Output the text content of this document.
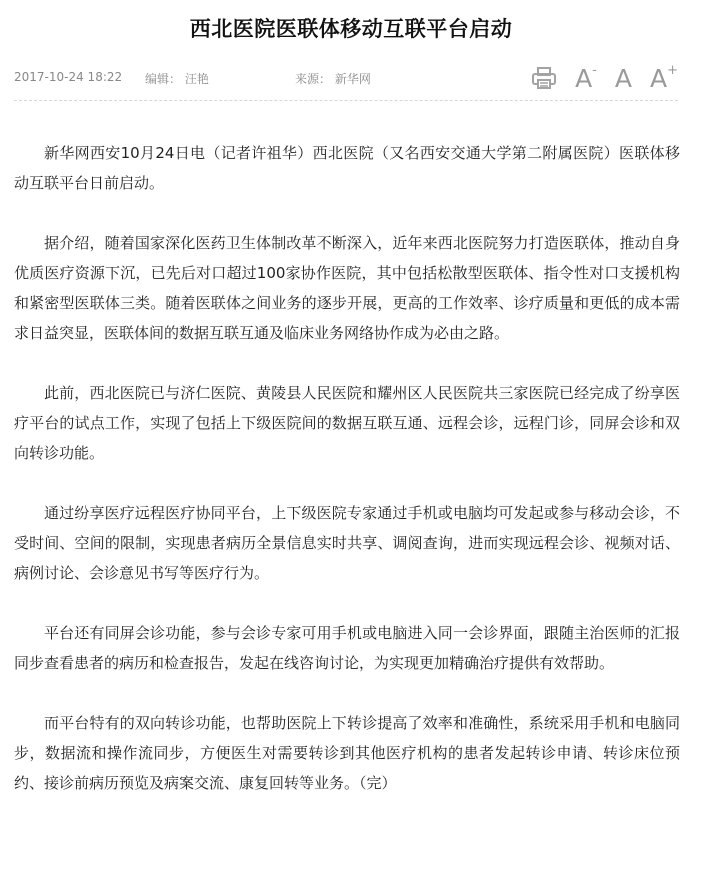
西北医院医联体移动互联平台启动
2017-10-24 18:22 编辑： 汪艳	来源： 新华网	A- A A+

新华网西安10月24日电（记者许祖华）西北医院（又名西安交通大学第二附属医院）医联体移动互联平台日前启动。

据介绍，随着国家深化医药卫生体制改革不断深入，近年来西北医院努力打造医联体，推动自身优质医疗资源下沉，已先后对口超过100家协作医院，其中包括松散型医联体、指令性对口支援机构和紧密型医联体三类。随着医联体之间业务的逐步开展，更高的工作效率、诊疗质量和更低的成本需求日益突显，医联体间的数据互联互通及临床业务网络协作成为必由之路。

此前，西北医院已与济仁医院、黄陵县人民医院和耀州区人民医院共三家医院已经完成了纷享医疗平台的试点工作，实现了包括上下级医院间的数据互联互通、远程会诊，远程门诊，同屏会诊和双向转诊功能。

通过纷享医疗远程医疗协同平台，上下级医院专家通过手机或电脑均可发起或参与移动会诊，不受时间、空间的限制，实现患者病历全景信息实时共享、调阅查询，进而实现远程会诊、视频对话、病例讨论、会诊意见书写等医疗行为。

平台还有同屏会诊功能，参与会诊专家可用手机或电脑进入同一会诊界面，跟随主治医师的汇报同步查看患者的病历和检查报告，发起在线咨询讨论，为实现更加精确治疗提供有效帮助。

而平台特有的双向转诊功能，也帮助医院上下转诊提高了效率和准确性，系统采用手机和电脑同步，数据流和操作流同步，方便医生对需要转诊到其他医疗机构的患者发起转诊申请、转诊床位预约、接诊前病历预览及病案交流、康复回转等业务。（完）
